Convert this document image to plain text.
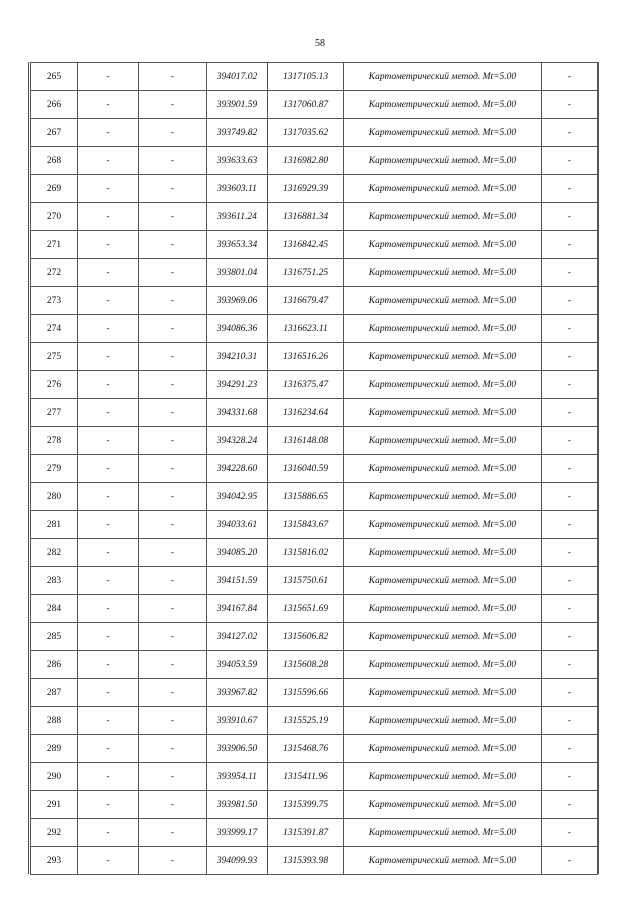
58
265	-	-	394017.02	1317105.13	Картометрический метод. Mt=5.00	-
266	-	-	393901.59	1317060.87	Картометрический метод. Mt=5.00	-
267	-	-	393749.82	1317035.62	Картометрический метод. Mt=5.00	-
268	-	-	393633.63	1316982.80	Картометрический метод. Mt=5.00	-
269	-	-	393603.11	1316929.39	Картометрический метод. Mt=5.00	-
270	-	-	393611.24	1316881.34	Картометрический метод. Mt=5.00	-
271	-	-	393653.34	1316842.45	Картометрический метод. Mt=5.00	-
272	-	-	393801.04	1316751.25	Картометрический метод. Mt=5.00	-
273	-	-	393969.06	1316679.47	Картометрический метод. Mt=5.00	-
274	-	-	394086.36	1316623.11	Картометрический метод. Mt=5.00	-
275	-	-	394210.31	1316516.26	Картометрический метод. Mt=5.00	-
276	-	-	394291.23	1316375.47	Картометрический метод. Mt=5.00	-
277	-	-	394331.68	1316234.64	Картометрический метод. Mt=5.00	-
278	-	-	394328.24	1316148.08	Картометрический метод. Mt=5.00	-
279	-	-	394228.60	1316040.59	Картометрический метод. Mt=5.00	-
280	-	-	394042.95	1315886.65	Картометрический метод. Mt=5.00	-
281	-	-	394033.61	1315843.67	Картометрический метод. Mt=5.00	-
282	-	-	394085.20	1315816.02	Картометрический метод. Mt=5.00	-
283	-	-	394151.59	1315750.61	Картометрический метод. Mt=5.00	-
284	-	-	394167.84	1315651.69	Картометрический метод. Mt=5.00	-
285	-	-	394127.02	1315606.82	Картометрический метод. Mt=5.00	-
286	-	-	394053.59	1315608.28	Картометрический метод. Mt=5.00	-
287	-	-	393967.82	1315596.66	Картометрический метод. Mt=5.00	-
288	-	-	393910.67	1315525.19	Картометрический метод. Mt=5.00	-
289	-	-	393906.50	1315468.76	Картометрический метод. Mt=5.00	-
290	-	-	393954.11	1315411.96	Картометрический метод. Mt=5.00	-
291	-	-	393981.50	1315399.75	Картометрический метод. Mt=5.00	-
292	-	-	393999.17	1315391.87	Картометрический метод. Mt=5.00	-
293	-	-	394099.93	1315393.98	Картометрический метод. Mt=5.00	-
